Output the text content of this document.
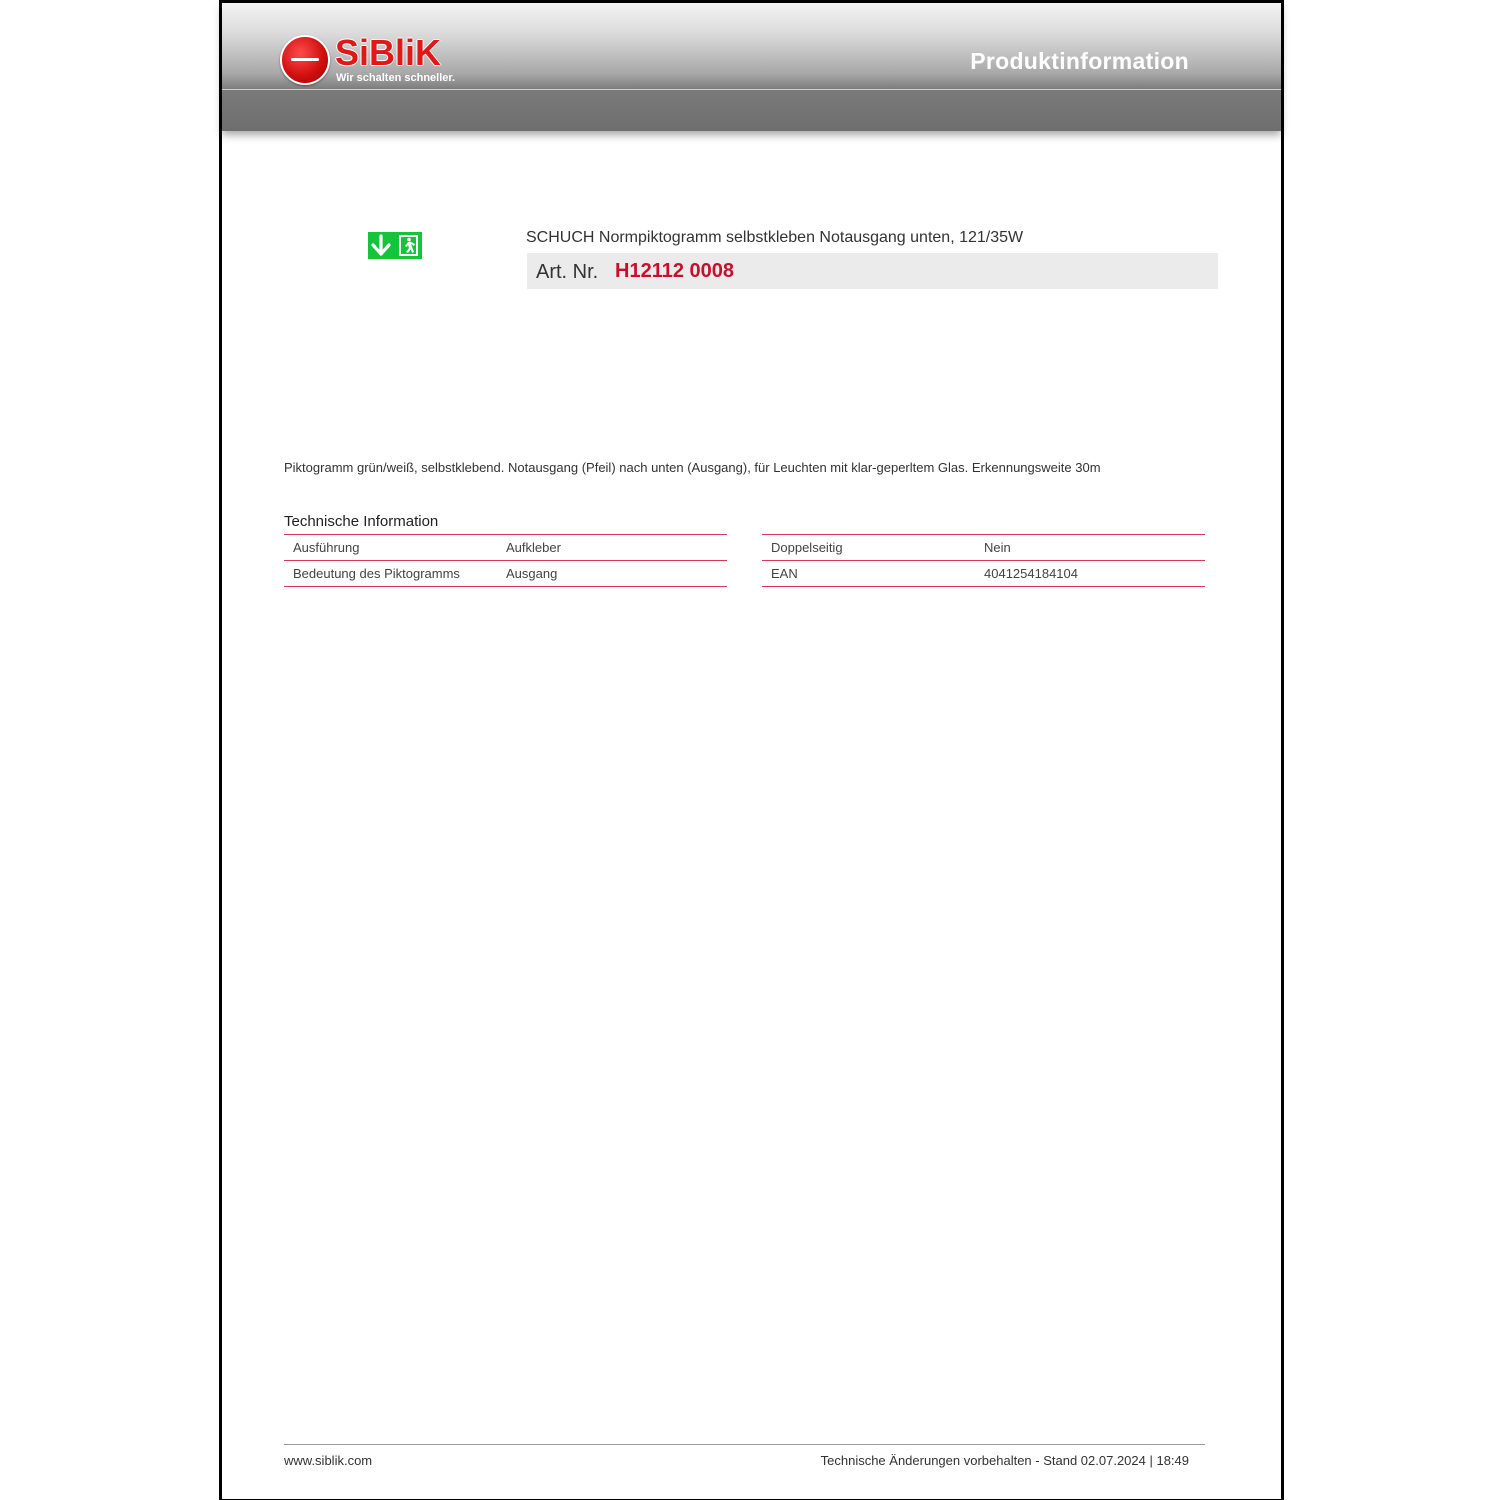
SiBliK
Wir schalten schneller.
Produktinformation
SCHUCH Normpiktogramm selbstkleben Notausgang unten, 121/35W
Art. Nr. H12112 0008
Piktogramm grün/weiß, selbstklebend. Notausgang (Pfeil) nach unten (Ausgang), für Leuchten mit klar-geperltem Glas. Erkennungsweite 30m
Technische Information
Ausführung	Aufkleber
Bedeutung des Piktogramms	Ausgang
Doppelseitig	Nein
EAN	4041254184104
www.siblik.com	Technische Änderungen vorbehalten - Stand 02.07.2024 | 18:49
